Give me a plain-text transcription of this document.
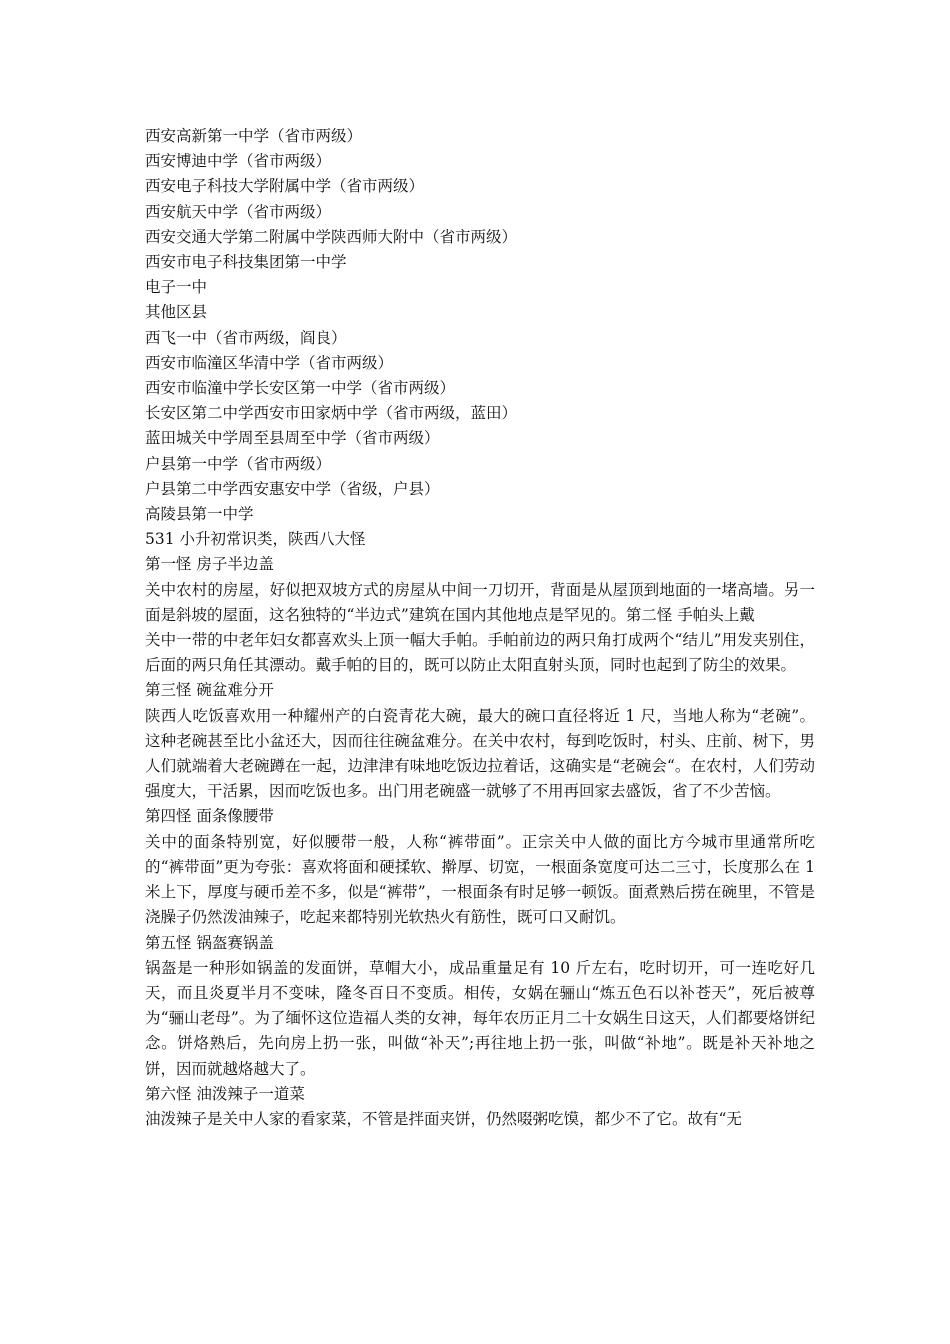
西安高新第一中学（省市两级）

西安博迪中学（省市两级）

西安电子科技大学附属中学（省市两级）

西安航天中学（省市两级）

西安交通大学第二附属中学陕西师大附中（省市两级）

西安市电子科技集团第一中学

电子一中

其他区县

西飞一中（省市两级，阎良）

西安市临潼区华清中学（省市两级）

西安市临潼中学长安区第一中学（省市两级）

长安区第二中学西安市田家炳中学（省市两级，蓝田）

蓝田城关中学周至县周至中学（省市两级）

户县第一中学（省市两级）

户县第二中学西安惠安中学（省级，户县）

高陵县第一中学

531 小升初常识类，陕西八大怪

第一怪 房子半边盖

关中农村的房屋，好似把双坡方式的房屋从中间一刀切开，背面是从屋顶到地面的一堵高墙。另一面是斜坡的屋面，这名独特的“半边式”建筑在国内其他地点是罕见的。第二怪 手帕头上戴

关中一带的中老年妇女都喜欢头上顶一幅大手帕。手帕前边的两只角打成两个“结儿”用发夹别住，后面的两只角任其漂动。戴手帕的目的，既可以防止太阳直射头顶，同时也起到了防尘的效果。

第三怪 碗盆难分开

陕西人吃饭喜欢用一种耀州产的白瓷青花大碗，最大的碗口直径将近 1 尺，当地人称为“老碗”。这种老碗甚至比小盆还大，因而往往碗盆难分。在关中农村，每到吃饭时，村头、庄前、树下，男人们就端着大老碗蹲在一起，边津津有味地吃饭边拉着话，这确实是“老碗会“。在农村，人们劳动强度大，干活累，因而吃饭也多。出门用老碗盛一就够了不用再回家去盛饭，省了不少苦恼。

第四怪 面条像腰带

关中的面条特别宽，好似腰带一般，人称“裤带面”。正宗关中人做的面比方今城市里通常所吃的“裤带面”更为夸张：喜欢将面和硬揉软、擀厚、切宽，一根面条宽度可达二三寸，长度那么在 1 米上下，厚度与硬币差不多，似是“裤带”，一根面条有时足够一顿饭。面煮熟后捞在碗里，不管是浇臊子仍然泼油辣子，吃起来都特别光软热火有筋性，既可口又耐饥。

第五怪 锅盔赛锅盖

锅盔是一种形如锅盖的发面饼，草帽大小，成品重量足有 10 斤左右，吃时切开，可一连吃好几天，而且炎夏半月不变味，隆冬百日不变质。相传，女娲在骊山“炼五色石以补苍天”，死后被尊为“骊山老母”。为了缅怀这位造福人类的女神，每年农历正月二十女娲生日这天，人们都要烙饼纪念。饼烙熟后，先向房上扔一张，叫做“补天”;再往地上扔一张，叫做“补地”。既是补天补地之饼，因而就越烙越大了。

第六怪 油泼辣子一道菜

油泼辣子是关中人家的看家菜，不管是拌面夹饼，仍然啜粥吃馍，都少不了它。故有“无
